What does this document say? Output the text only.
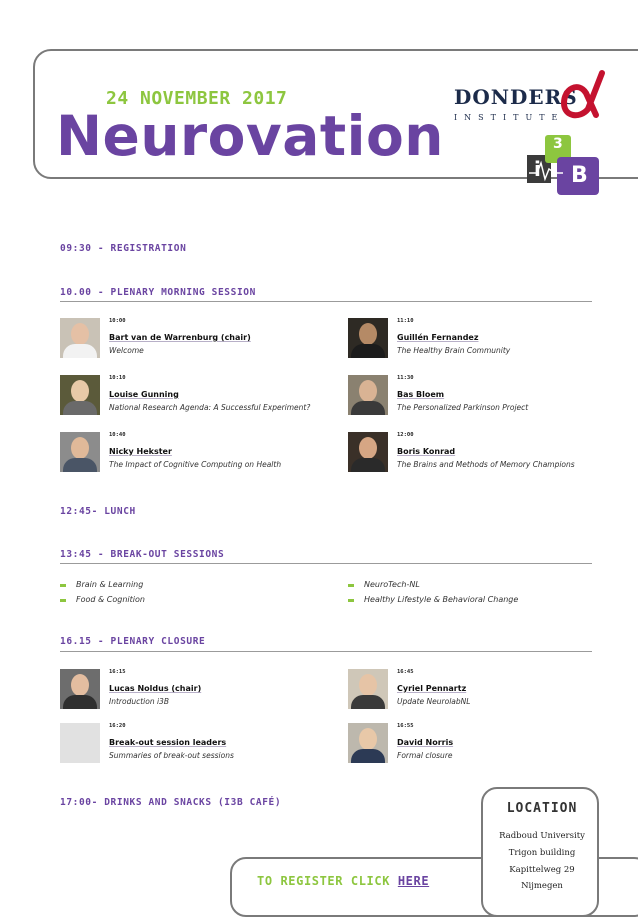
24 NOVEMBER 2017
Neurovation
DONDERS
INSTITUTE
i
3
B
09:30 - REGISTRATION
10.00 - PLENARY MORNING SESSION
10:00
Bart van de Warrenburg (chair)
Welcome
11:10
Guillén Fernandez
The Healthy Brain Community
10:10
Louise Gunning
National Research Agenda: A Successful Experiment?
11:30
Bas Bloem
The Personalized Parkinson Project
10:40
Nicky Hekster
The Impact of Cognitive Computing on Health
12:00
Boris Konrad
The Brains and Methods of Memory Champions
12:45- LUNCH
13:45 - BREAK-OUT SESSIONS
Brain & Learning	NeuroTech-NL
Food & Cognition	Healthy Lifestyle & Behavioral Change
16.15 - PLENARY CLOSURE
16:15
Lucas Noldus (chair)
Introduction i3B
16:45
Cyriel Pennartz
Update NeurolabNL
16:20
Break-out session leaders
Summaries of break-out sessions
16:55
David Norris
Formal closure
17:00- DRINKS AND SNACKS (I3B CAFÉ)
TO REGISTER CLICK HERE
LOCATION
Radboud University
Trigon building
Kapittelweg 29
Nijmegen
